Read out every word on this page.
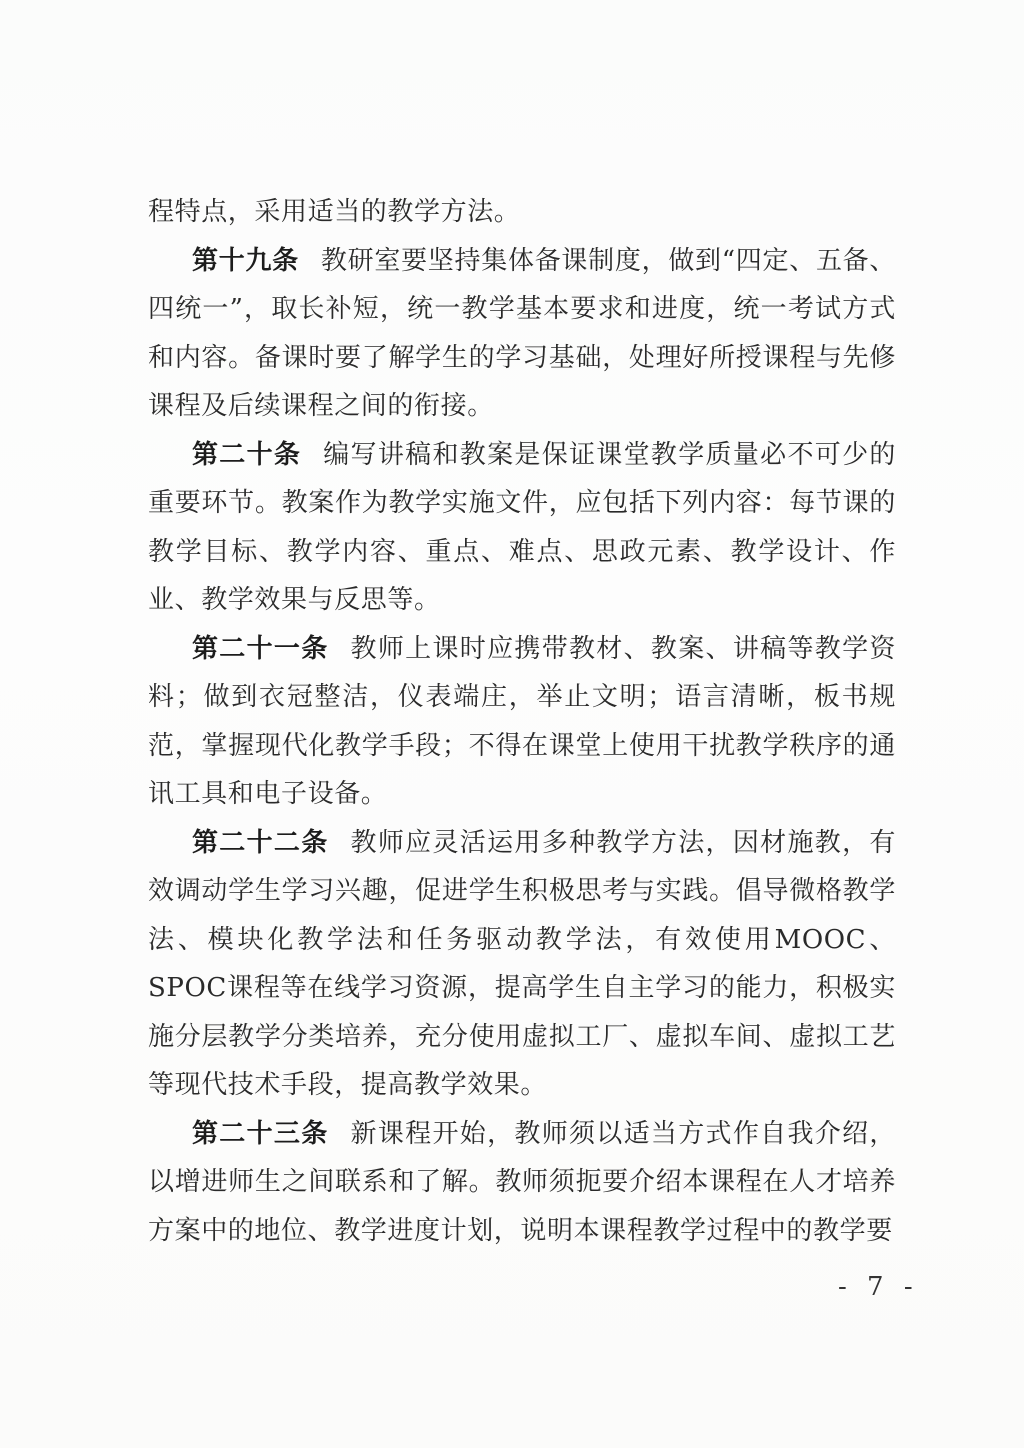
程特点，采用适当的教学方法。

第十九条 教研室要坚持集体备课制度，做到“四定、五备、四统一”，取长补短，统一教学基本要求和进度，统一考试方式和内容。备课时要了解学生的学习基础，处理好所授课程与先修课程及后续课程之间的衔接。

第二十条 编写讲稿和教案是保证课堂教学质量必不可少的重要环节。教案作为教学实施文件，应包括下列内容：每节课的教学目标、教学内容、重点、难点、思政元素、教学设计、作业、教学效果与反思等。

第二十一条 教师上课时应携带教材、教案、讲稿等教学资料；做到衣冠整洁，仪表端庄，举止文明；语言清晰，板书规范，掌握现代化教学手段；不得在课堂上使用干扰教学秩序的通讯工具和电子设备。

第二十二条 教师应灵活运用多种教学方法，因材施教，有效调动学生学习兴趣，促进学生积极思考与实践。倡导微格教学法、模块化教学法和任务驱动教学法，有效使用MOOC、SPOC课程等在线学习资源，提高学生自主学习的能力，积极实施分层教学分类培养，充分使用虚拟工厂、虚拟车间、虚拟工艺等现代技术手段，提高教学效果。

第二十三条 新课程开始，教师须以适当方式作自我介绍，以增进师生之间联系和了解。教师须扼要介绍本课程在人才培养方案中的地位、教学进度计划，说明本课程教学过程中的教学要

- 7 -
